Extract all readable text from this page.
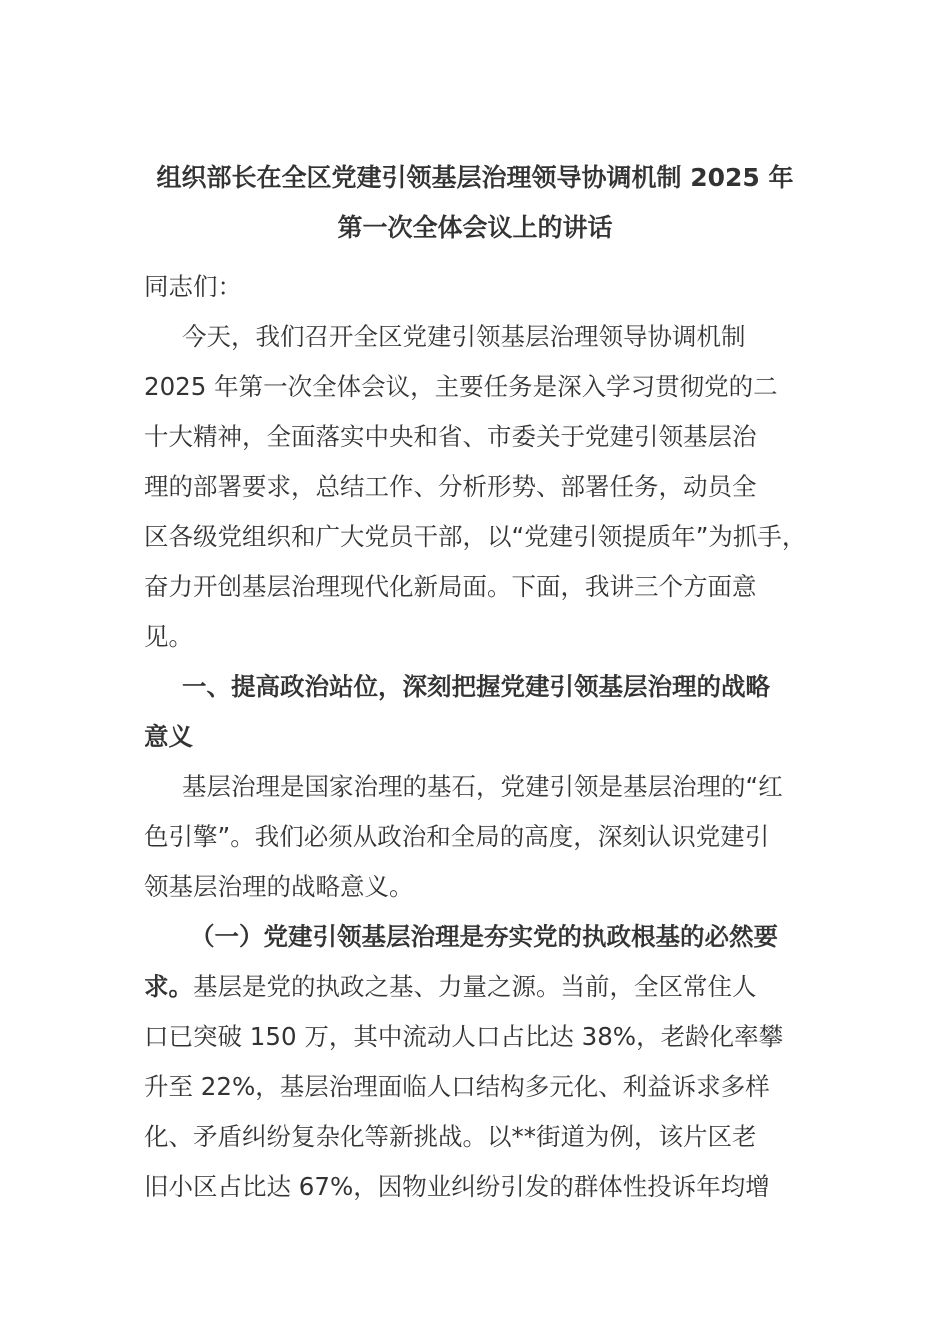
组织部长在全区党建引领基层治理领导协调机制 2025 年
第一次全体会议上的讲话
同志们：
今天，我们召开全区党建引领基层治理领导协调机制
2025 年第一次全体会议，主要任务是深入学习贯彻党的二
十大精神，全面落实中央和省、市委关于党建引领基层治
理的部署要求，总结工作、分析形势、部署任务，动员全
区各级党组织和广大党员干部，以“党建引领提质年”为抓手，
奋力开创基层治理现代化新局面。下面，我讲三个方面意
见。
一、提高政治站位，深刻把握党建引领基层治理的战略
意义
基层治理是国家治理的基石，党建引领是基层治理的“红
色引擎”。我们必须从政治和全局的高度，深刻认识党建引
领基层治理的战略意义。
（一）党建引领基层治理是夯实党的执政根基的必然要
求。基层是党的执政之基、力量之源。当前，全区常住人
口已突破 150 万，其中流动人口占比达 38%，老龄化率攀
升至 22%，基层治理面临人口结构多元化、利益诉求多样
化、矛盾纠纷复杂化等新挑战。以**街道为例，该片区老
旧小区占比达 67%，因物业纠纷引发的群体性投诉年均增
